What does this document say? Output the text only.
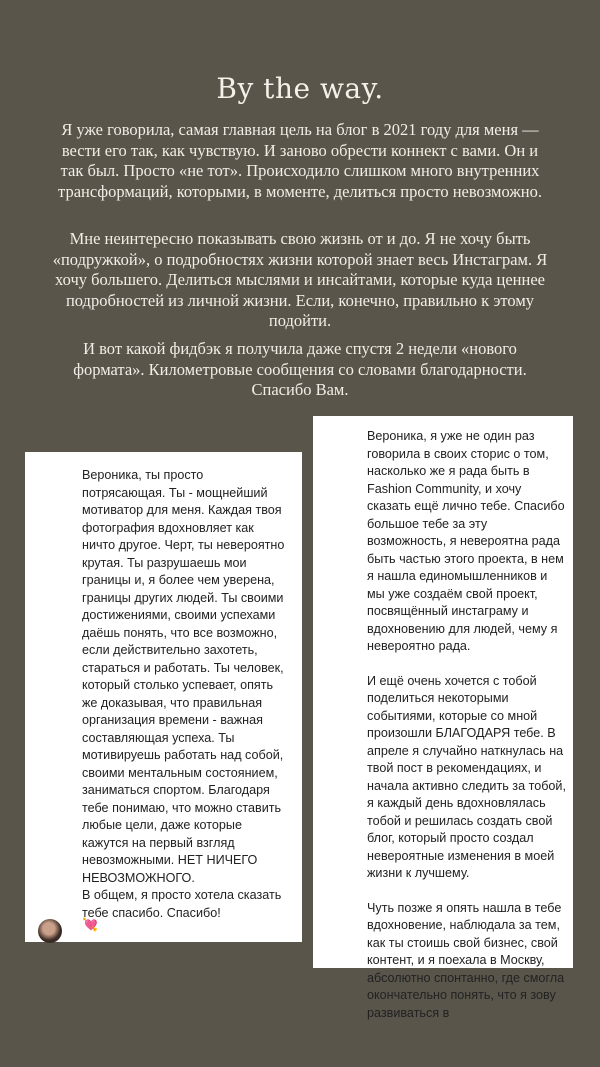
By the way.
Я уже говорила, самая главная цель на блог в 2021 году для меня — вести его так, как чувствую. И заново обрести коннект с вами. Он и так был. Просто «не тот». Происходило слишком много внутренних трансформаций, которыми, в моменте, делиться просто невозможно.
Мне неинтересно показывать свою жизнь от и до. Я не хочу быть «подружкой», о подробностях жизни которой знает весь Инстаграм. Я хочу большего. Делиться мыслями и инсайтами, которые куда ценнее подробностей из личной жизни. Если, конечно, правильно к этому подойти.
И вот какой фидбэк я получила даже спустя 2 недели «нового формата». Километровые сообщения со словами благодарности. Спасибо Вам.

Вероника, ты просто потрясающая. Ты - мощнейший мотиватор для меня. Каждая твоя фотография вдохновляет как ничто другое. Черт, ты невероятно крутая. Ты разрушаешь мои границы и, я более чем уверена, границы других людей. Ты своими достижениями, своими успехами даёшь понять, что все возможно, если действительно захотеть, стараться и работать. Ты человек, который столько успевает, опять же доказывая, что правильная организация времени - важная составляющая успеха. Ты мотивируешь работать над собой, своими ментальным состоянием, заниматься спортом. Благодаря тебе понимаю, что можно ставить любые цели, даже которые кажутся на первый взгляд невозможными. НЕТ НИЧЕГО НЕВОЗМОЖНОГО.

В общем, я просто хотела сказать тебе спасибо. Спасибо!

💘

Вероника, я уже не один раз говорила в своих сторис о том, насколько же я рада быть в Fashion Community, и хочу сказать ещё лично тебе. Спасибо большое тебе за эту возможность, я невероятна рада быть частью этого проекта, в нем я нашла единомышленников и мы уже создаём свой проект, посвящённый инстаграму и вдохновению для людей, чему я невероятно рада.

И ещё очень хочется с тобой поделиться некоторыми событиями, которые со мной произошли БЛАГОДАРЯ тебе. В апреле я случайно наткнулась на твой пост в рекомендациях, и начала активно следить за тобой, я каждый день вдохновлялась тобой и решилась создать свой блог, который просто создал невероятные изменения в моей жизни к лучшему.

Чуть позже я опять нашла в тебе вдохновение, наблюдала за тем, как ты стоишь свой бизнес, свой контент, и я поехала в Москву, абсолютно спонтанно, где смогла окончательно понять, что я зову развиваться в
